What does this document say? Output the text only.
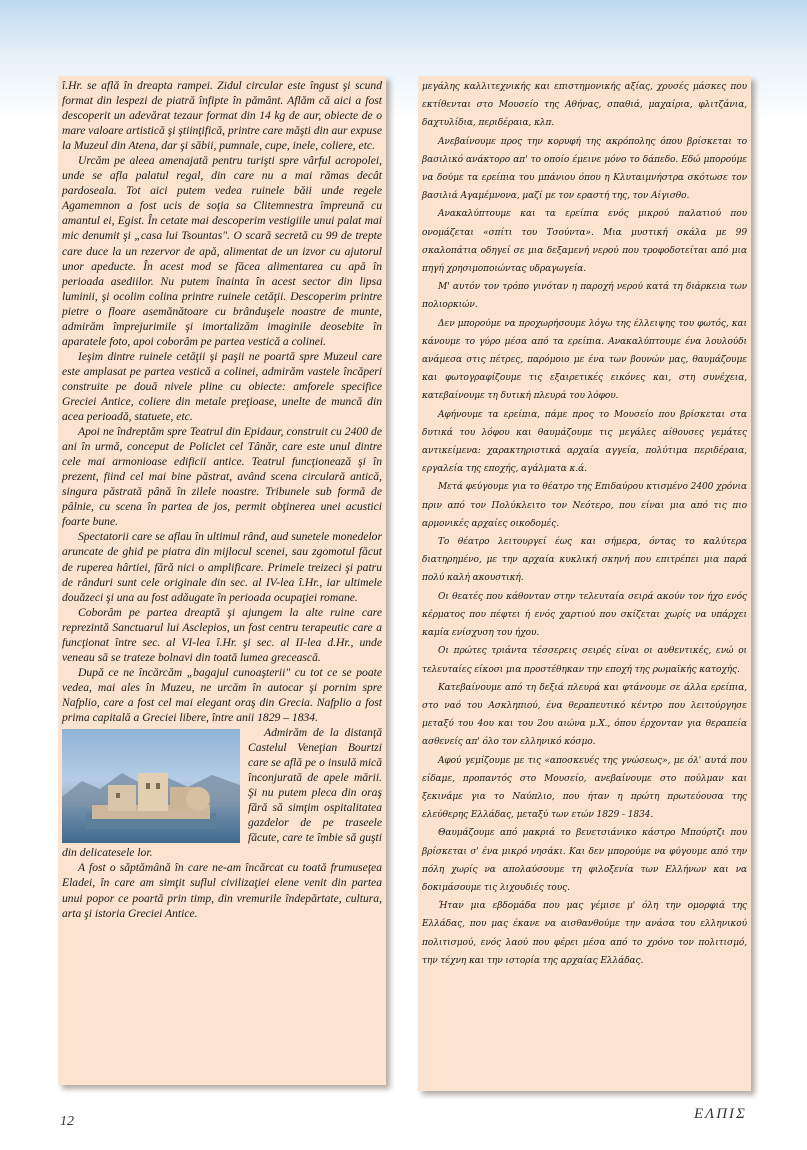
î.Hr. se află în dreapta rampei. Zidul circular este îngust şi scund format din lespezi de piatră înfipte în pământ. Aflăm că aici a fost descoperit un adevărat tezaur format din 14 kg de aur, obiecte de o mare valoare artistică şi ştiinţifică, printre care măşti din aur expuse la Muzeul din Atena, dar şi săbii, pumnale, cupe, inele, coliere, etc.

Urcăm pe aleea amenajată pentru turişti spre vârful acropolei, unde se afla palatul regal, din care nu a mai rămas decât pardoseala. Tot aici putem vedea ruinele băii unde regele Agamemnon a fost ucis de soţia sa Clitemnestra împreună cu amantul ei, Egist. În cetate mai descoperim vestigiile unui palat mai mic denumit şi „casa lui Tsountas". O scară secretă cu 99 de trepte care duce la un rezervor de apă, alimentat de un izvor cu ajutorul unor apeducte. În acest mod se făcea alimentarea cu apă în perioada asediilor. Nu putem înainta în acest sector din lipsa luminii, şi ocolim colina printre ruinele cetăţii. Descoperim printre pietre o floare asemănătoare cu brânduşele noastre de munte, admirăm împrejurimile şi imortalizăm imaginile deosebite în aparatele foto, apoi coborâm pe partea vestică a colinei.

Ieşim dintre ruinele cetăţii şi paşii ne poartă spre Muzeul care este amplasat pe partea vestică a colinei, admirăm vastele încăperi construite pe două nivele pline cu obiecte: amforele specifice Greciei Antice, coliere din metale preţioase, unelte de muncă din acea perioadă, statuete, etc.

Apoi ne îndreptăm spre Teatrul din Epidaur, construit cu 2400 de ani în urmă, conceput de Policlet cel Tânăr, care este unul dintre cele mai armonioase edificii antice. Teatrul funcţionează şi în prezent, fiind cel mai bine păstrat, având scena circulară antică, singura păstrată până în zilele noastre. Tribunele sub formă de pâlnie, cu scena în partea de jos, permit obţinerea unei acustici foarte bune.

Spectatorii care se aflau în ultimul rând, aud sunetele monedelor aruncate de ghid pe piatra din mijlocul scenei, sau zgomotul făcut de ruperea hârtiei, fără nici o amplificare. Primele treizeci şi patru de rânduri sunt cele originale din sec. al IV-lea î.Hr., iar ultimele douăzeci şi una au fost adăugate în perioada ocupaţiei romane.

Coborâm pe partea dreaptă şi ajungem la alte ruine care reprezintă Sanctuarul lui Asclepios, un fost centru terapeutic care a funcţionat între sec. al VI-lea î.Hr. şi sec. al II-lea d.Hr., unde veneau să se trateze bolnavi din toată lumea grecească.

După ce ne încărcăm „bagajul cunoaşterii" cu tot ce se poate vedea, mai ales în Muzeu, ne urcăm în autocar şi pornim spre Nafplio, care a fost cel mai elegant oraş din Grecia. Nafplio a fost prima capitală a Greciei libere, între anii 1829 – 1834.

Admirăm de la distanţă Castelul Veneţian Bourtzi care se află pe o insulă mică înconjurată de apele mării. Şi nu putem pleca din oraş fără să simţim ospitalitatea gazdelor de pe traseele făcute, care te îmbie să guşti din delicatesele lor.

A fost o săptămână în care ne-am încărcat cu toată frumuseţea Eladei, în care am simţit suflul civilizaţiei elene venit din partea unui popor ce poartă prin timp, din vremurile îndepărtate, cultura, arta şi istoria Greciei Antice.

μεγάλης καλλιτεχνικής και επιστημονικής αξίας, χρυσές μάσκες που εκτίθενται στο Μουσείο της Αθήνας, σπαθιά, μαχαίρια, φλιτζάνια, δαχτυλίδια, περιδέραια, κλπ.

Ανεβαίνουμε προς την κορυφή της ακρόπολης όπου βρίσκεται το βασιλικό ανάκτορο απ' το οποίο έμεινε μόνο το δάπεδο. Εδώ μπορούμε να δούμε τα ερείπια του μπάνιου όπου η Κλυταιμνήστρα σκότωσε τον βασιλιά Αγαμέμνονα, μαζί με τον εραστή της, τον Αίγισθο.

Ανακαλύπτουμε και τα ερείπια ενός μικρού παλατιού που ονομάζεται «σπίτι του Τσούντα». Μια μυστική σκάλα με 99 σκαλοπάτια οδηγεί σε μια δεξαμενή νερού που τροφοδοτείται από μια πηγή χρησιμοποιώντας υδραγωγεία.

Μ' αυτόν τον τρόπο γινόταν η παροχή νερού κατά τη διάρκεια των πολιορκιών.

Δεν μπορούμε να προχωρήσουμε λόγω της έλλειψης του φωτός, και κάνουμε το γύρο μέσα από τα ερείπια. Ανακαλύπτουμε ένα λουλούδι ανάμεσα στις πέτρες, παρόμοιο με ένα των βουνών μας, θαυμάζουμε και φωτογραφίζουμε τις εξαιρετικές εικόνες και, στη συνέχεια, κατεβαίνουμε τη δυτική πλευρά του λόφου.

Αφήνουμε τα ερείπια, πάμε προς το Μουσείο που βρίσκεται στα δυτικά του λόφου και θαυμάζουμε τις μεγάλες αίθουσες γεμάτες αντικείμενα: χαρακτηριστικά αρχαία αγγεία, πολύτιμα περιδέραια, εργαλεία της εποχής, αγάλματα κ.ά.

Μετά φεύγουμε για το θέατρο της Επιδαύρου κτισμένο 2400 χρόνια πριν από τον Πολύκλειτο τον Νεότερο, που είναι μια από τις πιο αρμονικές αρχαίες οικοδομές.

Το θέατρο λειτουργεί έως και σήμερα, όντας το καλύτερα διατηρημένο, με την αρχαία κυκλική σκηνή που επιτρέπει μια παρά πολύ καλή ακουστική.

Οι θεατές που κάθονταν στην τελευταία σειρά ακούν τον ήχο ενός κέρματος που πέφτει ή ενός χαρτιού που σκίζεται χωρίς να υπάρχει καμία ενίσχυση του ήχου.

Οι πρώτες τριάντα τέσσερεις σειρές είναι οι αυθεντικές, ενώ οι τελευταίες είκοσι μια προστέθηκαν την εποχή της ρωμαϊκής κατοχής.

Κατεβαίνουμε από τη δεξιά πλευρά και φτάνουμε σε άλλα ερείπια, στο ναό του Ασκληπιού, ένα θεραπευτικό κέντρο που λειτούργησε μεταξύ του 4ου και του 2ου αιώνα μ.Χ., όπου έρχονταν για θεραπεία ασθενείς απ' όλο τον ελληνικό κόσμο.

Αφού γεμίζουμε με τις «αποσκευές της γνώσεως», με όλ' αυτά που είδαμε, προπαντός στο Μουσείο, ανεβαίνουμε στο πούλμαν και ξεκινάμε για το Ναύπλιο, που ήταν η πρώτη πρωτεύουσα της ελεύθερης Ελλάδας, μεταξύ των ετών 1829 - 1834.

Θαυμάζουμε από μακριά το βενετσιάνικο κάστρο Μπούρτζι που βρίσκεται σ' ένα μικρό νησάκι. Και δεν μπορούμε να φύγουμε από την πόλη χωρίς να απολαύσουμε τη φιλοξενία των Ελλήνων και να δοκιμάσουμε τις λιχουδιές τους.

Ήταν μια εβδομάδα που μας γέμισε μ' όλη την ομορφιά της Ελλάδας, που μας έκανε να αισθανθούμε την ανάσα του ελληνικού πολιτισμού, ενός λαού που φέρει μέσα από το χρόνο τον πολιτισμό, την τέχνη και την ιστορία της αρχαίας Ελλάδας.

12	ΕΛΠΙΣ
